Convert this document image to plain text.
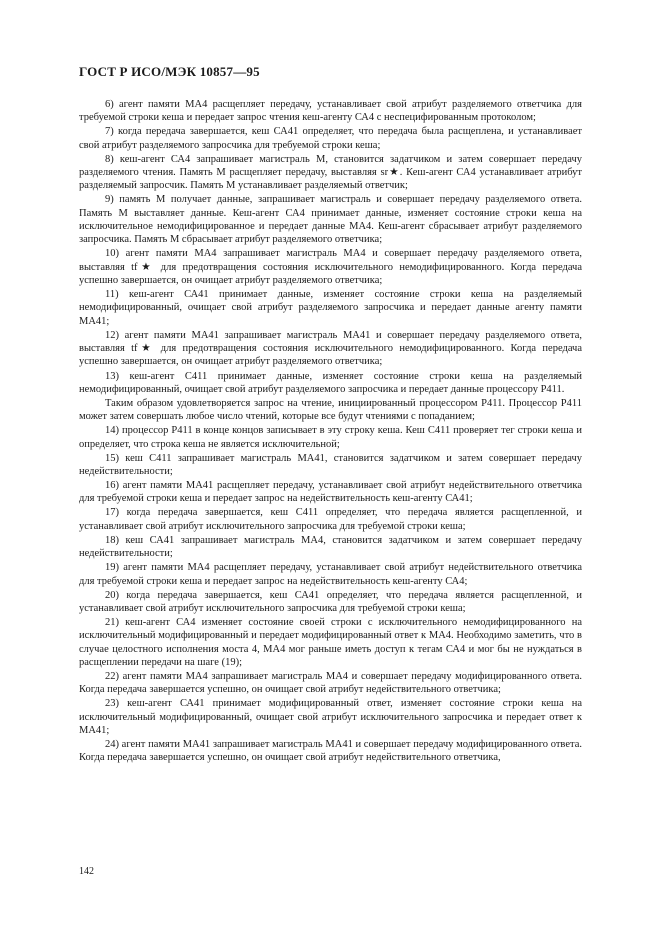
ГОСТ Р ИСО/МЭК 10857—95

6) агент памяти МА4 расщепляет передачу, устанавливает свой атрибут разделяемого ответчика для требуемой строки кеша и передает запрос чтения кеш-агенту СА4 с неспецифированным протоколом;

7) когда передача завершается, кеш СА41 определяет, что передача была расщеплена, и устанавливает свой атрибут разделяемого запросчика для требуемой строки кеша;

8) кеш-агент СА4 запрашивает магистраль М, становится задатчиком и затем совершает передачу разделяемого чтения. Память М расщепляет передачу, выставляя sr★. Кеш-агент СА4 устанавливает атрибут разделяемый запросчик. Память М устанавливает разделяемый ответчик;

9) память М получает данные, запрашивает магистраль и совершает передачу разделяемого ответа. Память М выставляет данные. Кеш-агент СА4 принимает данные, изменяет состояние строки кеша на исключительное немодифицированное и передает данные МА4. Кеш-агент сбрасывает атрибут разделяемого запросчика. Память М сбрасывает атрибут разделяемого ответчика;

10) агент памяти МА4 запрашивает магистраль МА4 и совершает передачу разделяемого ответа, выставляя tf★ для предотвращения состояния исключительного немодифицированного. Когда передача успешно завершается, он очищает атрибут разделяемого ответчика;

11) кеш-агент СА41 принимает данные, изменяет состояние строки кеша на разделяемый немодифицированный, очищает свой атрибут разделяемого запросчика и передает данные агенту памяти МА41;

12) агент памяти МА41 запрашивает магистраль МА41 и совершает передачу разделяемого ответа, выставляя tf★ для предотвращения состояния исключительного немодифицированного. Когда передача успешно завершается, он очищает атрибут разделяемого ответчика;

13) кеш-агент С411 принимает данные, изменяет состояние строки кеша на разделяемый немодифицированный, очищает свой атрибут разделяемого запросчика и передает данные процессору Р411.

Таким образом удовлетворяется запрос на чтение, инициированный процессором Р411. Процессор Р411 может затем совершать любое число чтений, которые все будут чтениями с попаданием;

14) процессор Р411 в конце концов записывает в эту строку кеша. Кеш С411 проверяет тег строки кеша и определяет, что строка кеша не является исключительной;

15) кеш С411 запрашивает магистраль МА41, становится задатчиком и затем совершает передачу недействительности;

16) агент памяти МА41 расщепляет передачу, устанавливает свой атрибут недействительного ответчика для требуемой строки кеша и передает запрос на недействительность кеш-агенту СА41;

17) когда передача завершается, кеш С411 определяет, что передача является расщепленной, и устанавливает свой атрибут исключительного запросчика для требуемой строки кеша;

18) кеш СА41 запрашивает магистраль МА4, становится задатчиком и затем совершает передачу недействительности;

19) агент памяти МА4 расщепляет передачу, устанавливает свой атрибут недействительного ответчика для требуемой строки кеша и передает запрос на недействительность кеш-агенту СА4;

20) когда передача завершается, кеш СА41 определяет, что передача является расщепленной, и устанавливает свой атрибут исключительного запросчика для требуемой строки кеша;

21) кеш-агент СА4 изменяет состояние своей строки с исключительного немодифицированного на исключительный модифицированный и передает модифицированный ответ к МА4. Необходимо заметить, что в случае целостного исполнения моста 4, МА4 мог раньше иметь доступ к тегам СА4 и мог бы не нуждаться в расщеплении передачи на шаге (19);

22) агент памяти МА4 запрашивает магистраль МА4 и совершает передачу модифицированного ответа. Когда передача завершается успешно, он очищает свой атрибут недействительного ответчика;

23) кеш-агент СА41 принимает модифицированный ответ, изменяет состояние строки кеша на исключительный модифицированный, очищает свой атрибут исключительного запросчика и передает ответ к МА41;

24) агент памяти МА41 запрашивает магистраль МА41 и совершает передачу модифицированного ответа. Когда передача завершается успешно, он очищает свой атрибут недействительного ответчика,

142
